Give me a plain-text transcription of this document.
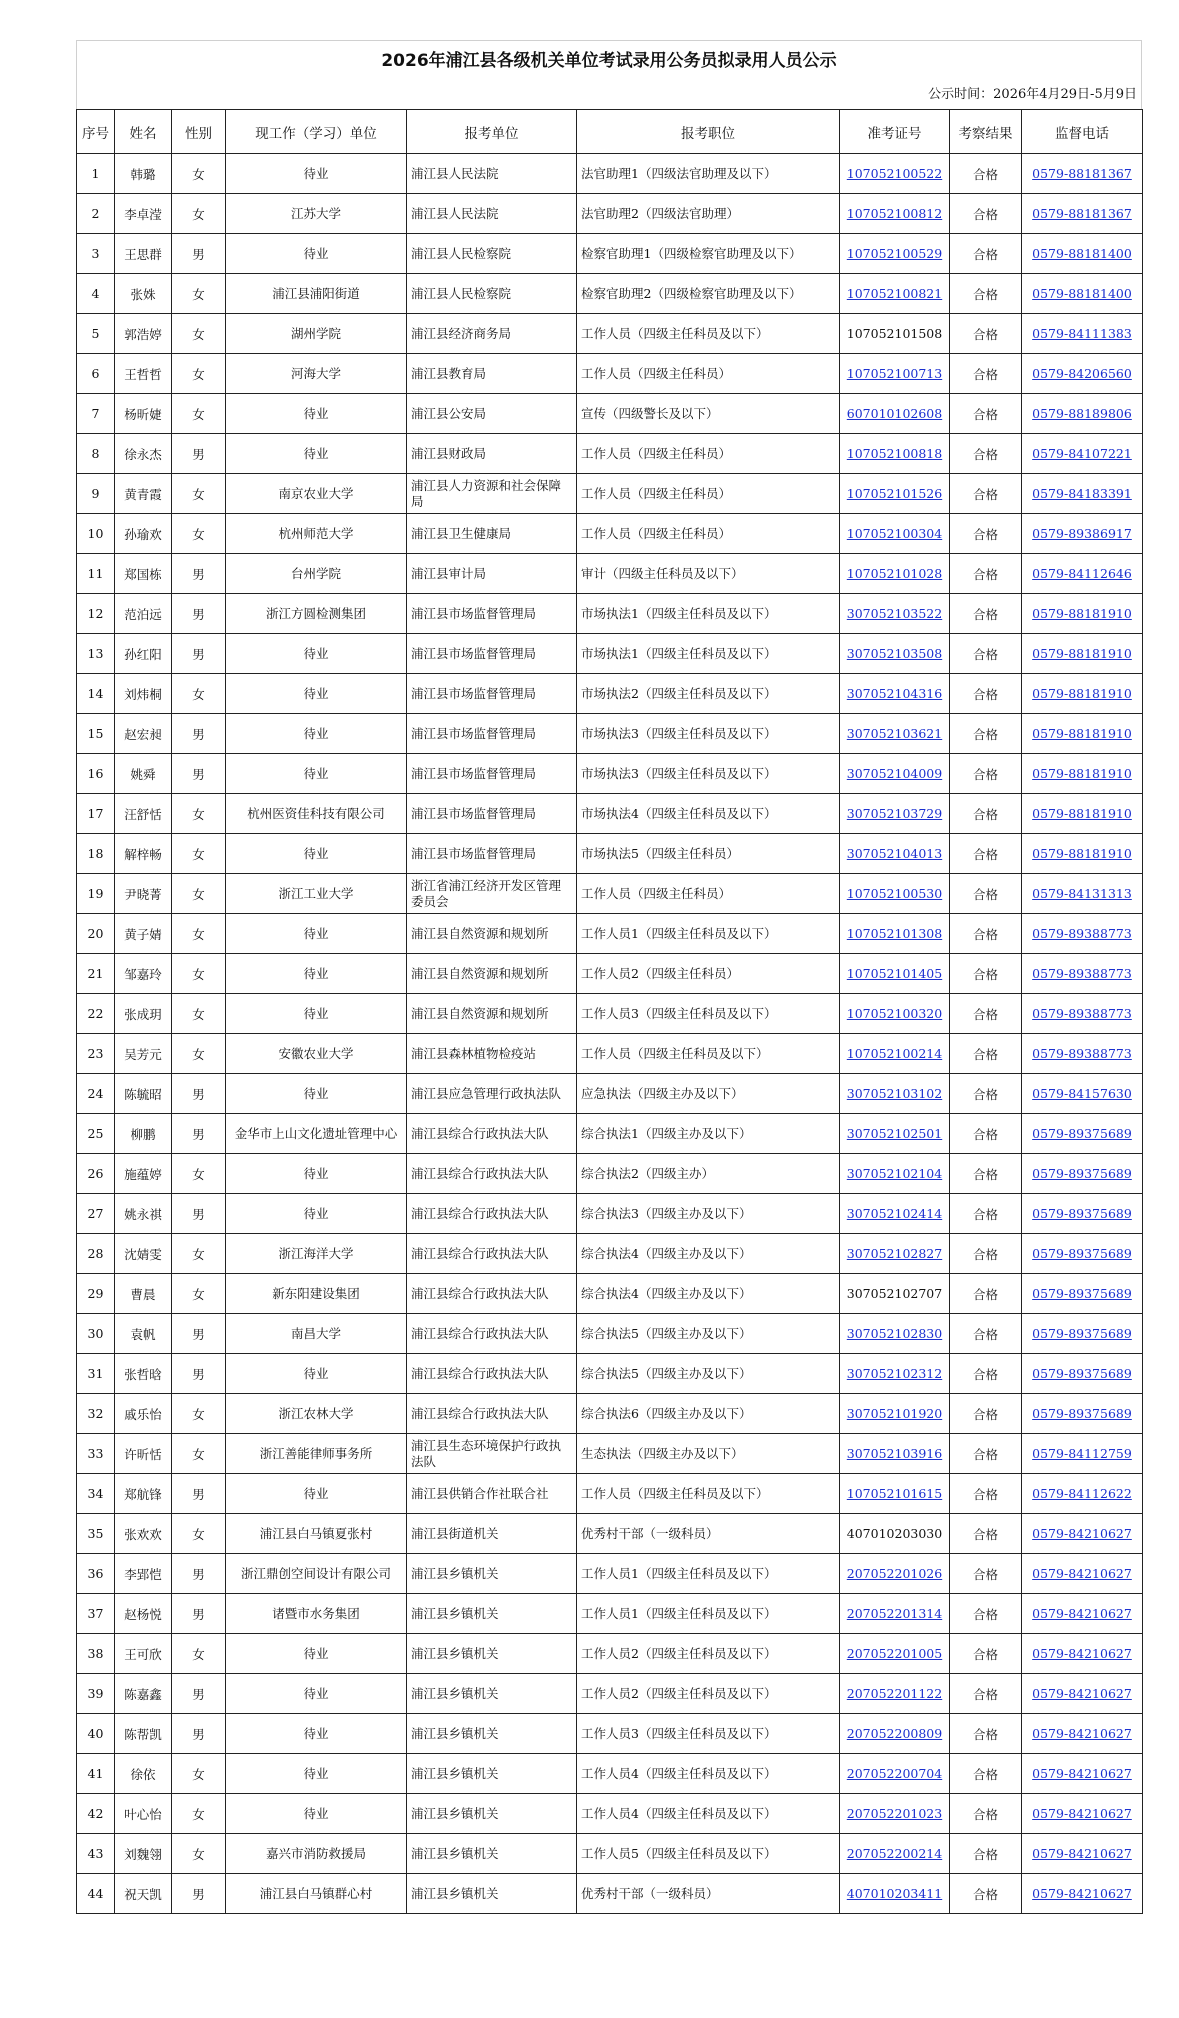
2026年浦江县各级机关单位考试录用公务员拟录用人员公示
公示时间：2026年4月29日-5月9日
序号	姓名	性别	现工作（学习）单位	报考单位	报考职位	准考证号	考察结果	监督电话
1	韩璐	女	待业	浦江县人民法院	法官助理1（四级法官助理及以下）	107052100522	合格	0579-88181367
2	李卓滢	女	江苏大学	浦江县人民法院	法官助理2（四级法官助理）	107052100812	合格	0579-88181367
3	王思群	男	待业	浦江县人民检察院	检察官助理1（四级检察官助理及以下）	107052100529	合格	0579-88181400
4	张姝	女	浦江县浦阳街道	浦江县人民检察院	检察官助理2（四级检察官助理及以下）	107052100821	合格	0579-88181400
5	郭浩婷	女	湖州学院	浦江县经济商务局	工作人员（四级主任科员及以下）	107052101508	合格	0579-84111383
6	王哲哲	女	河海大学	浦江县教育局	工作人员（四级主任科员）	107052100713	合格	0579-84206560
7	杨昕婕	女	待业	浦江县公安局	宣传（四级警长及以下）	607010102608	合格	0579-88189806
8	徐永杰	男	待业	浦江县财政局	工作人员（四级主任科员）	107052100818	合格	0579-84107221
9	黄青霞	女	南京农业大学	浦江县人力资源和社会保障局	工作人员（四级主任科员）	107052101526	合格	0579-84183391
10	孙瑜欢	女	杭州师范大学	浦江县卫生健康局	工作人员（四级主任科员）	107052100304	合格	0579-89386917
11	郑国栋	男	台州学院	浦江县审计局	审计（四级主任科员及以下）	107052101028	合格	0579-84112646
12	范泊远	男	浙江方圆检测集团	浦江县市场监督管理局	市场执法1（四级主任科员及以下）	307052103522	合格	0579-88181910
13	孙红阳	男	待业	浦江县市场监督管理局	市场执法1（四级主任科员及以下）	307052103508	合格	0579-88181910
14	刘炜桐	女	待业	浦江县市场监督管理局	市场执法2（四级主任科员及以下）	307052104316	合格	0579-88181910
15	赵宏昶	男	待业	浦江县市场监督管理局	市场执法3（四级主任科员及以下）	307052103621	合格	0579-88181910
16	姚舜	男	待业	浦江县市场监督管理局	市场执法3（四级主任科员及以下）	307052104009	合格	0579-88181910
17	汪舒恬	女	杭州医资佳科技有限公司	浦江县市场监督管理局	市场执法4（四级主任科员及以下）	307052103729	合格	0579-88181910
18	解梓畅	女	待业	浦江县市场监督管理局	市场执法5（四级主任科员）	307052104013	合格	0579-88181910
19	尹晓菁	女	浙江工业大学	浙江省浦江经济开发区管理委员会	工作人员（四级主任科员）	107052100530	合格	0579-84131313
20	黄子婧	女	待业	浦江县自然资源和规划所	工作人员1（四级主任科员及以下）	107052101308	合格	0579-89388773
21	邹嘉玲	女	待业	浦江县自然资源和规划所	工作人员2（四级主任科员）	107052101405	合格	0579-89388773
22	张成玥	女	待业	浦江县自然资源和规划所	工作人员3（四级主任科员及以下）	107052100320	合格	0579-89388773
23	吴芳元	女	安徽农业大学	浦江县森林植物检疫站	工作人员（四级主任科员及以下）	107052100214	合格	0579-89388773
24	陈毓昭	男	待业	浦江县应急管理行政执法队	应急执法（四级主办及以下）	307052103102	合格	0579-84157630
25	柳鹏	男	金华市上山文化遗址管理中心	浦江县综合行政执法大队	综合执法1（四级主办及以下）	307052102501	合格	0579-89375689
26	施蕴婷	女	待业	浦江县综合行政执法大队	综合执法2（四级主办）	307052102104	合格	0579-89375689
27	姚永祺	男	待业	浦江县综合行政执法大队	综合执法3（四级主办及以下）	307052102414	合格	0579-89375689
28	沈婧雯	女	浙江海洋大学	浦江县综合行政执法大队	综合执法4（四级主办及以下）	307052102827	合格	0579-89375689
29	曹晨	女	新东阳建设集团	浦江县综合行政执法大队	综合执法4（四级主办及以下）	307052102707	合格	0579-89375689
30	袁帆	男	南昌大学	浦江县综合行政执法大队	综合执法5（四级主办及以下）	307052102830	合格	0579-89375689
31	张哲晗	男	待业	浦江县综合行政执法大队	综合执法5（四级主办及以下）	307052102312	合格	0579-89375689
32	戚乐怡	女	浙江农林大学	浦江县综合行政执法大队	综合执法6（四级主办及以下）	307052101920	合格	0579-89375689
33	许昕恬	女	浙江善能律师事务所	浦江县生态环境保护行政执法队	生态执法（四级主办及以下）	307052103916	合格	0579-84112759
34	郑航锋	男	待业	浦江县供销合作社联合社	工作人员（四级主任科员及以下）	107052101615	合格	0579-84112622
35	张欢欢	女	浦江县白马镇夏张村	浦江县街道机关	优秀村干部（一级科员）	407010203030	合格	0579-84210627
36	李郢恺	男	浙江鼎创空间设计有限公司	浦江县乡镇机关	工作人员1（四级主任科员及以下）	207052201026	合格	0579-84210627
37	赵杨悦	男	诸暨市水务集团	浦江县乡镇机关	工作人员1（四级主任科员及以下）	207052201314	合格	0579-84210627
38	王可欣	女	待业	浦江县乡镇机关	工作人员2（四级主任科员及以下）	207052201005	合格	0579-84210627
39	陈嘉鑫	男	待业	浦江县乡镇机关	工作人员2（四级主任科员及以下）	207052201122	合格	0579-84210627
40	陈帮凯	男	待业	浦江县乡镇机关	工作人员3（四级主任科员及以下）	207052200809	合格	0579-84210627
41	徐依	女	待业	浦江县乡镇机关	工作人员4（四级主任科员及以下）	207052200704	合格	0579-84210627
42	叶心怡	女	待业	浦江县乡镇机关	工作人员4（四级主任科员及以下）	207052201023	合格	0579-84210627
43	刘魏翎	女	嘉兴市消防救援局	浦江县乡镇机关	工作人员5（四级主任科员及以下）	207052200214	合格	0579-84210627
44	祝天凯	男	浦江县白马镇群心村	浦江县乡镇机关	优秀村干部（一级科员）	407010203411	合格	0579-84210627
